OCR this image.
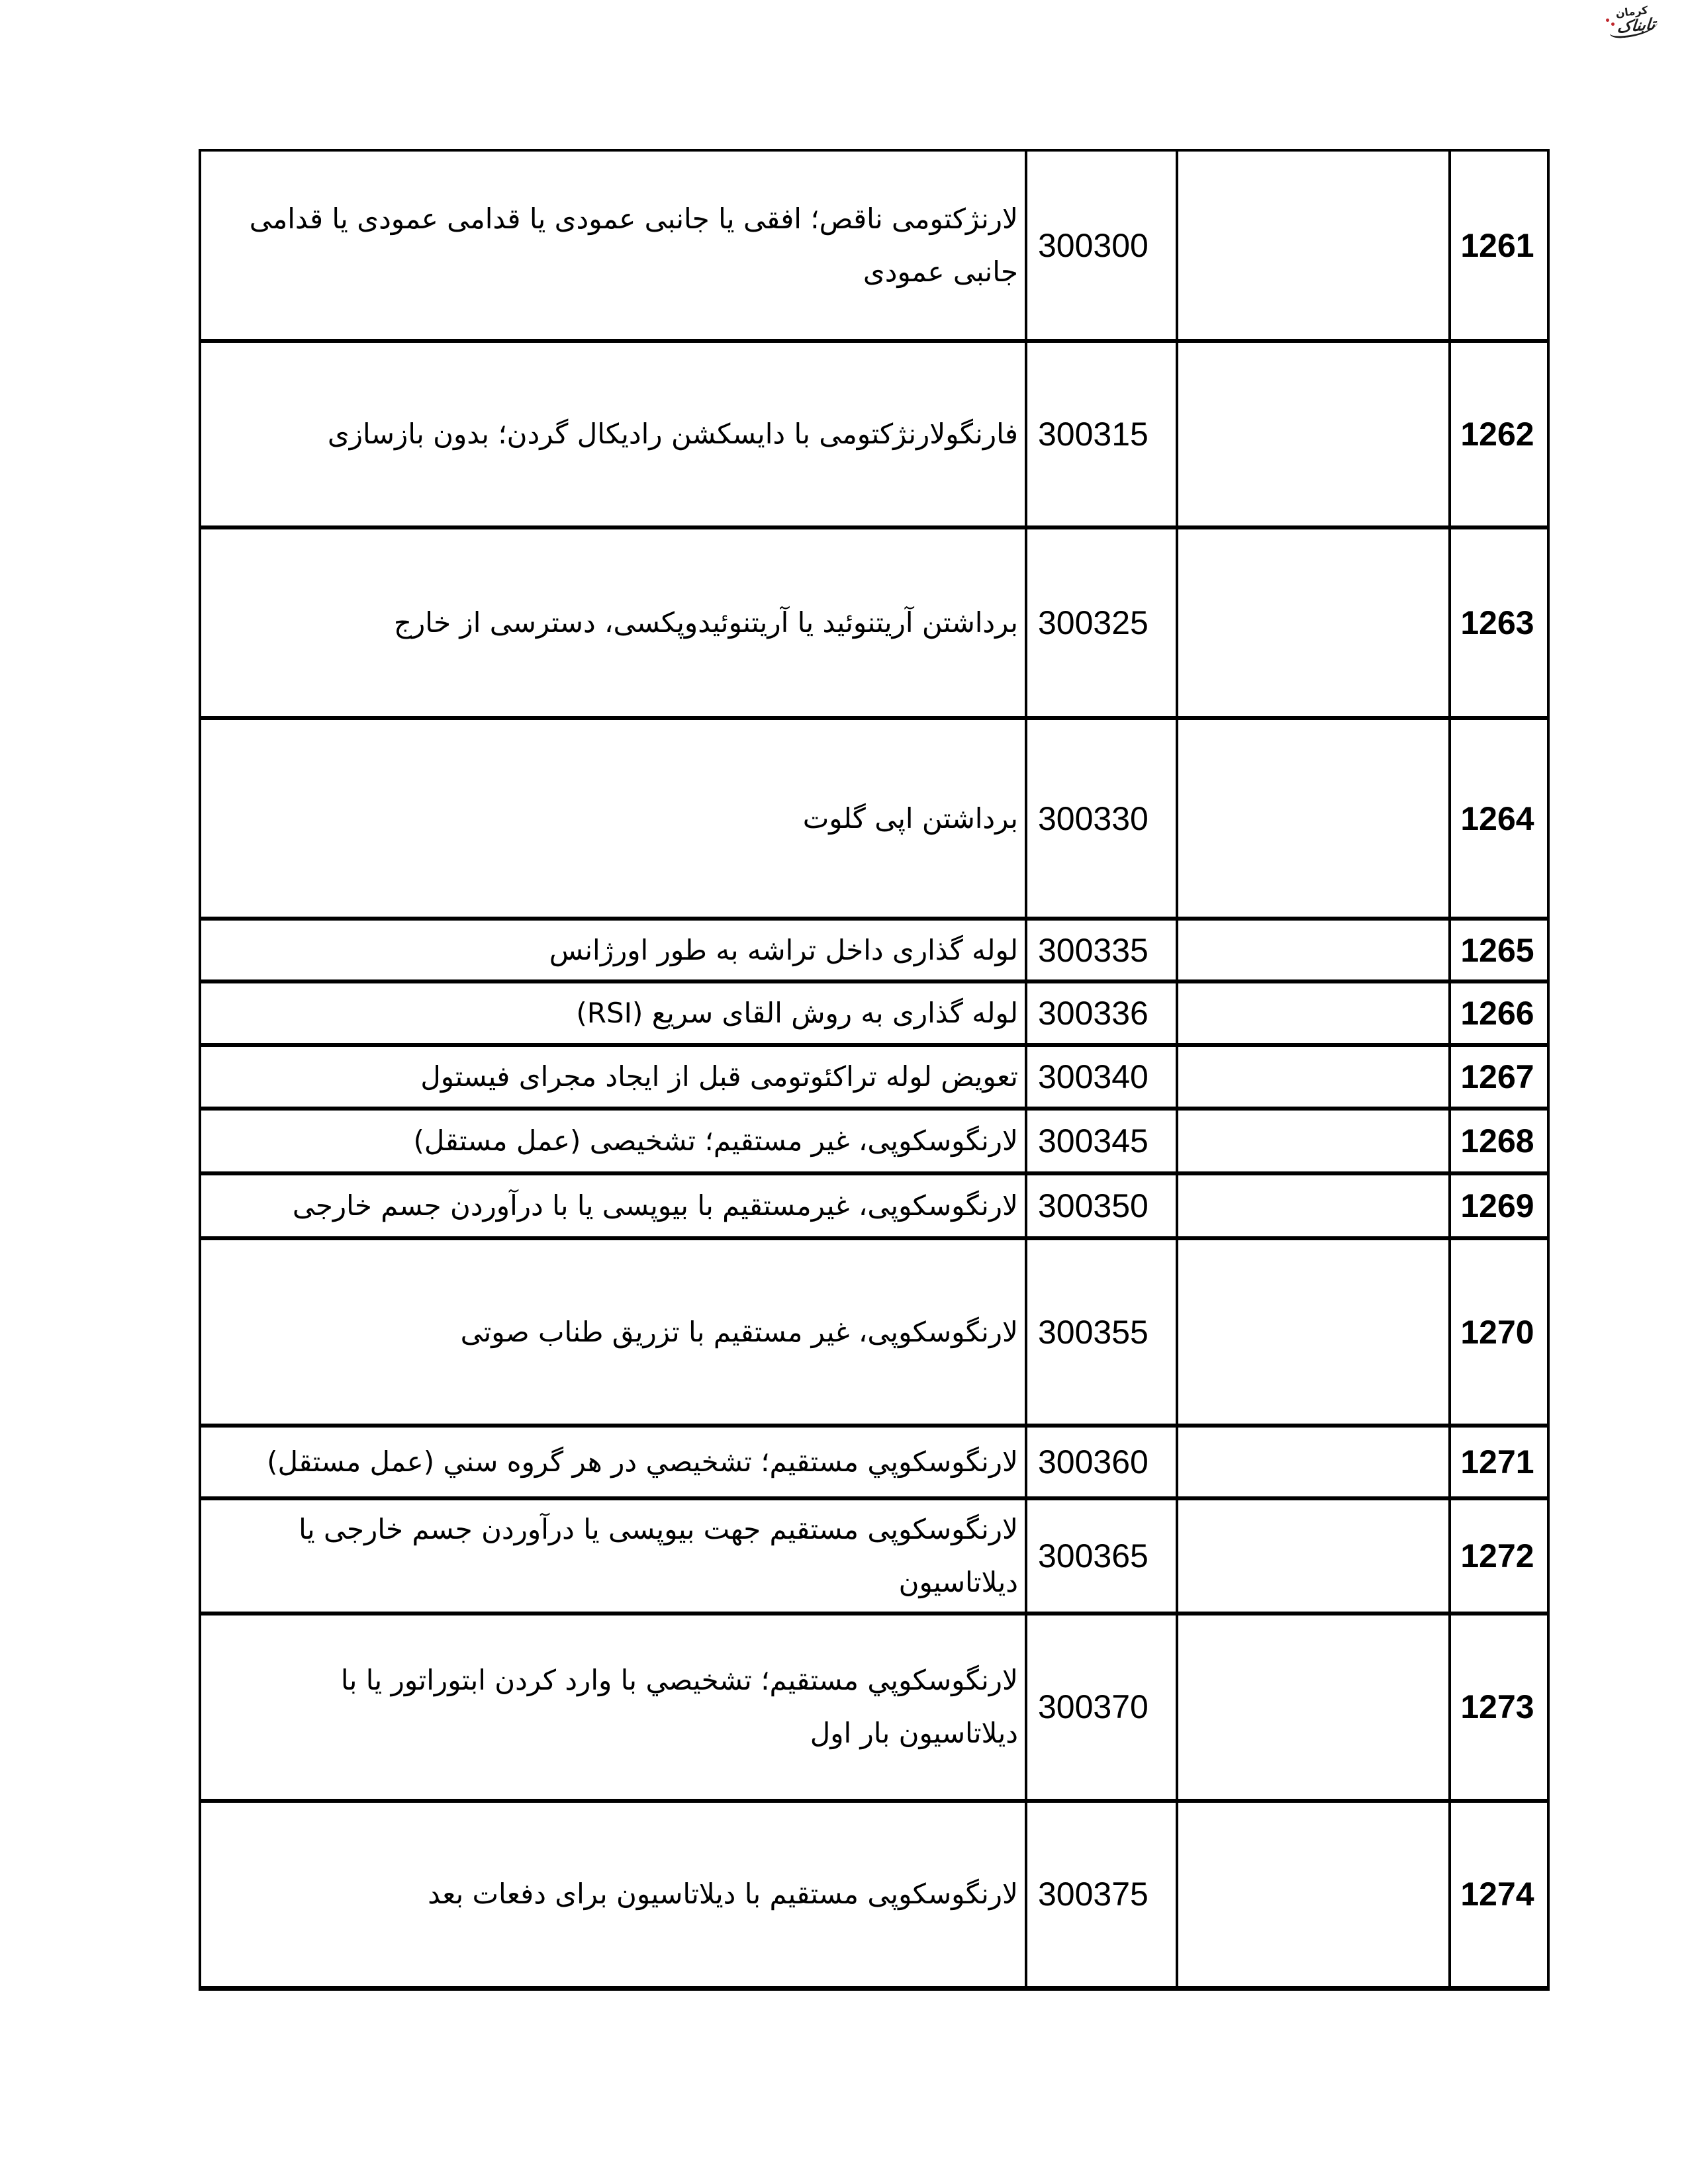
کرمان
تابناک
لارنژکتومی ناقص؛ افقی یا جانبی عمودی یا قدامی عمودی یا قدامی جانبی عمودی	300300		1261
فارنگولارنژکتومی با دایسکشن رادیکال گردن؛ بدون بازسازی	300315		1262
برداشتن آریتنوئید یا آریتنوئیدوپکسی، دسترسی از خارج	300325		1263
برداشتن اپی گلوت	300330		1264
لوله گذاری داخل تراشه به طور اورژانس	300335		1265
لوله گذاری به روش القای سریع (RSI)	300336		1266
تعویض لوله تراکئوتومی قبل از ایجاد مجرای فیستول	300340		1267
لارنگوسکوپی، غیر مستقیم؛ تشخیصی (عمل مستقل)	300345		1268
لارنگوسکوپی، غیرمستقیم با بیوپسی یا با درآوردن جسم خارجی	300350		1269
لارنگوسکوپی، غیر مستقیم با تزریق طناب صوتی	300355		1270
لارنگوسکوپي مستقيم؛ تشخيصي در هر گروه سني (عمل مستقل)	300360		1271
لارنگوسکوپی مستقیم جهت بیوپسی یا درآوردن جسم خارجی یا دیلاتاسیون	300365		1272
لارنگوسکوپي مستقيم؛ تشخيصي با وارد کردن ابتوراتور یا با دیلاتاسیون بار اول	300370		1273
لارنگوسکوپی مستقیم با دیلاتاسیون برای دفعات بعد	300375		1274
